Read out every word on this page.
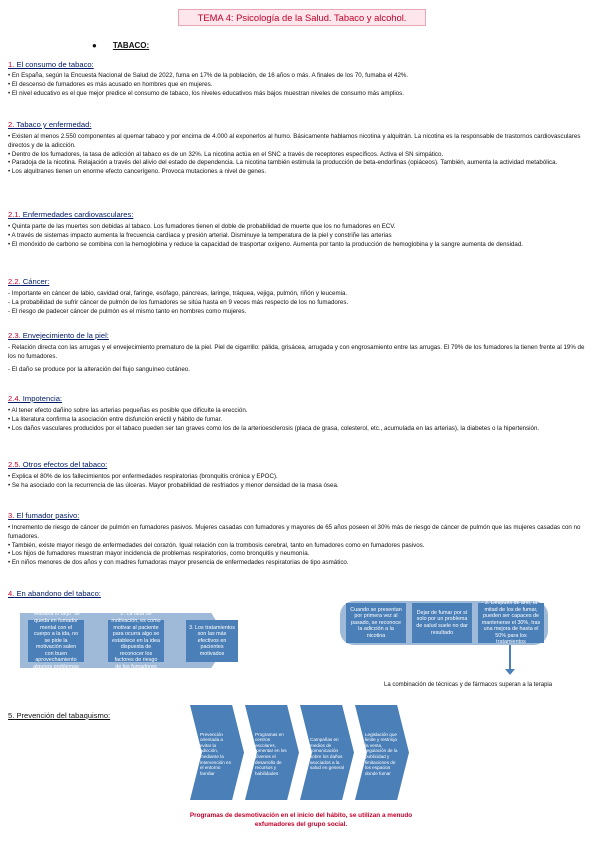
TEMA 4: Psicología de la Salud. Tabaco y alcohol.
● TABACO:
1. El consumo de tabaco:
• En España, según la Encuesta Nacional de Salud de 2022, fuma en 17% de la población, de 16 años o más. A finales de los 70, fumaba el 42%.
• El descenso de fumadores es más acusado en hombres que en mujeres.
• El nivel educativo es el que mejor predice el consumo de tabaco, los niveles educativos más bajos muestran niveles de consumo más amplios.
2. Tabaco y enfermedad:
• Existen al menos 2.550 componentes al quemar tabaco y por encima de 4.000 al exponerlos al humo. Básicamente hablamos nicotina y alquitrán. La nicotina es la responsable de trastornos cardiovasculares directos y de la adicción.
• Dentro de los fumadores, la tasa de adicción al tabaco es de un 32%. La nicotina actúa en el SNC a través de receptores específicos. Activa el SN simpático.
• Paradoja de la nicotina. Relajación a través del alivio del estado de dependencia. La nicotina también estimula la producción de beta-endorfinas (opiáceos). También, aumenta la actividad metabólica.
• Los alquitranes tienen un enorme efecto cancerígeno. Provoca mutaciones a nivel de genes.
2.1. Enfermedades cardiovasculares:
• Quinta parte de las muertes son debidas al tabaco. Los fumadores tienen el doble de probabilidad de muerte que los no fumadores en ECV.
• A través de sistemas impacto aumenta la frecuencia cardíaca y presión arterial. Disminuye la temperatura de la piel y constriñe las arterias
• El monóxido de carbono se combina con la hemoglobina y reduce la capacidad de trasportar oxígeno. Aumenta por tanto la producción de hemoglobina y la sangre aumenta de densidad.
2.2. Cáncer:
- Importante en cáncer de labio, cavidad oral, faringe, esófago, páncreas, laringe, tráquea, vejiga, pulmón, riñón y leucemia.
- La probabilidad de sufrir cáncer de pulmón de los fumadores se sitúa hasta en 9 veces más respecto de los no fumadores.
- El riesgo de padecer cáncer de pulmón es el mismo tanto en hombres como mujeres.
2.3. Envejecimiento de la piel:
- Relación directa con las arrugas y el envejecimiento prematuro de la piel. Piel de cigarrillo: pálida, grisácea, arrugada y con engrosamiento entre las arrugas. El 79% de los fumadores la tienen frente al 19% de los no fumadores.
- El daño se produce por la alteración del flujo sanguíneo cutáneo.
2.4. Impotencia:
• Al tener efecto dañino sobre las arterias pequeñas es posible que dificulte la erección.
• La literatura confirma la asociación entre disfunción eréctil y hábito de fumar.
• Los daños vasculares producidos por el tabaco pueden ser tan graves como los de la arterioesclerosis (placa de grasa, colesterol, etc., acumulada en las arterias), la diabetes o la hipertensión.
2.5. Otros efectos del tabaco:
• Explica el 80% de los fallecimientos por enfermedades respiratorias (bronquitis crónica y EPOC).
• Se ha asociado con la recurrencia de las úlceras. Mayor probabilidad de resfriados y menor densidad de la masa ósea.
3. El fumador pasivo:
• Incremento de riesgo de cáncer de pulmón en fumadores pasivos. Mujeres casadas con fumadores y mayores de 65 años poseen el 30% más de riesgo de cáncer de pulmón que las mujeres casadas con no fumadores.
• También, existe mayor riesgo de enfermedades del corazón. Igual relación con la trombosis cerebral, tanto en fumadores como en fumadores pasivos.
• Los hijos de fumadores muestran mayor incidencia de problemas respiratorios, como bronquitis y neumonía.
• En niños menores de dos años y con madres fumadoras mayor presencia de enfermedades respiratorias de tipo asmático.
4. En abandono del tabaco:
1. Pensamiento de "Mañana lo dejo" se queda en fumador mental con el cuerpo a la ida, no se pide la motivación salen con buen aprovechamiento algunos problemas frente al mismo
2. La falta de motivación, es como motivar al paciente para ocurra algo se establece en la idea dispuesta de reconocer los factores de riesgo de los fumadores
3. Los tratamientos son las más efectivos en pacientes motivados
Cuando se presentan por primera vez al pasado, se reconoce la adicción a la nicotina
Dejar de fumar por sí solo por un problema de salud suele no dar resultado
3. Después de año, la mitad de los de fumar, pueden ser capaces de mantenerse el 30%, tras una mejora de hasta el 50% para los tratamientos
La combinación de técnicas y de fármacos superan a la terapia
5. Prevención del tabaquismo:
Prevención orientada a evitar la adicción, mediante la intervención en el entorno familiar
Programas en centros escolares, fomentar en los jóvenes el desarrollo de recursos y habilidades
Campañas en medios de comunicación sobre los daños asociados a la salud en general
Legislación que limite y restrinja la venta, regulación de la publicidad y limitaciones de los espacios donde fumar
Programas de desmotivación en el inicio del hábito, se utilizan a menudo exfumadores del grupo social.
